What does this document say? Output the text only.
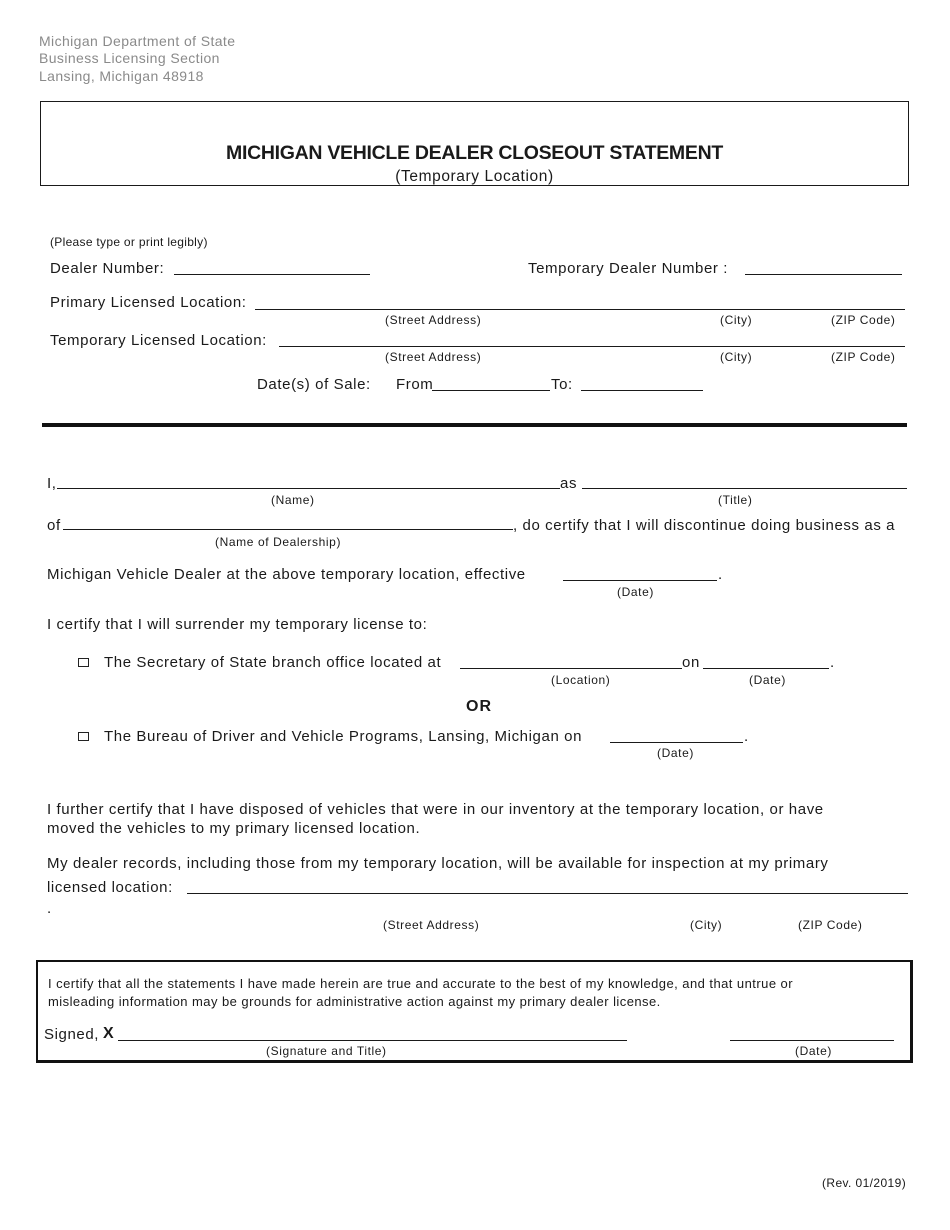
Michigan Department of State
Business Licensing Section
Lansing, Michigan 48918
MICHIGAN VEHICLE DEALER CLOSEOUT STATEMENT
(Temporary Location)
(Please type or print legibly)
Dealer Number:	Temporary Dealer Number :
Primary Licensed Location:
(Street Address)	(City)	(ZIP Code)
Temporary Licensed Location:
(Street Address)	(City)	(ZIP Code)
Date(s) of Sale: From	To:
I,	as
(Name)	(Title)
of	, do certify that I will discontinue doing business as a
(Name of Dealership)
Michigan Vehicle Dealer at the above temporary location, effective	.
(Date)
I certify that I will surrender my temporary license to:
The Secretary of State branch office located at	on	.
(Location)	(Date)
OR
The Bureau of Driver and Vehicle Programs, Lansing, Michigan on	.
(Date)
I further certify that I have disposed of vehicles that were in our inventory at the temporary location, or have
moved the vehicles to my primary licensed location.
My dealer records, including those from my temporary location, will be available for inspection at my primary
licensed location:
.
(Street Address)	(City)	(ZIP Code)
I certify that all the statements I have made herein are true and accurate to the best of my knowledge, and that untrue or
misleading information may be grounds for administrative action against my primary dealer license.
Signed, X
(Signature and Title)	(Date)
(Rev. 01/2019)
